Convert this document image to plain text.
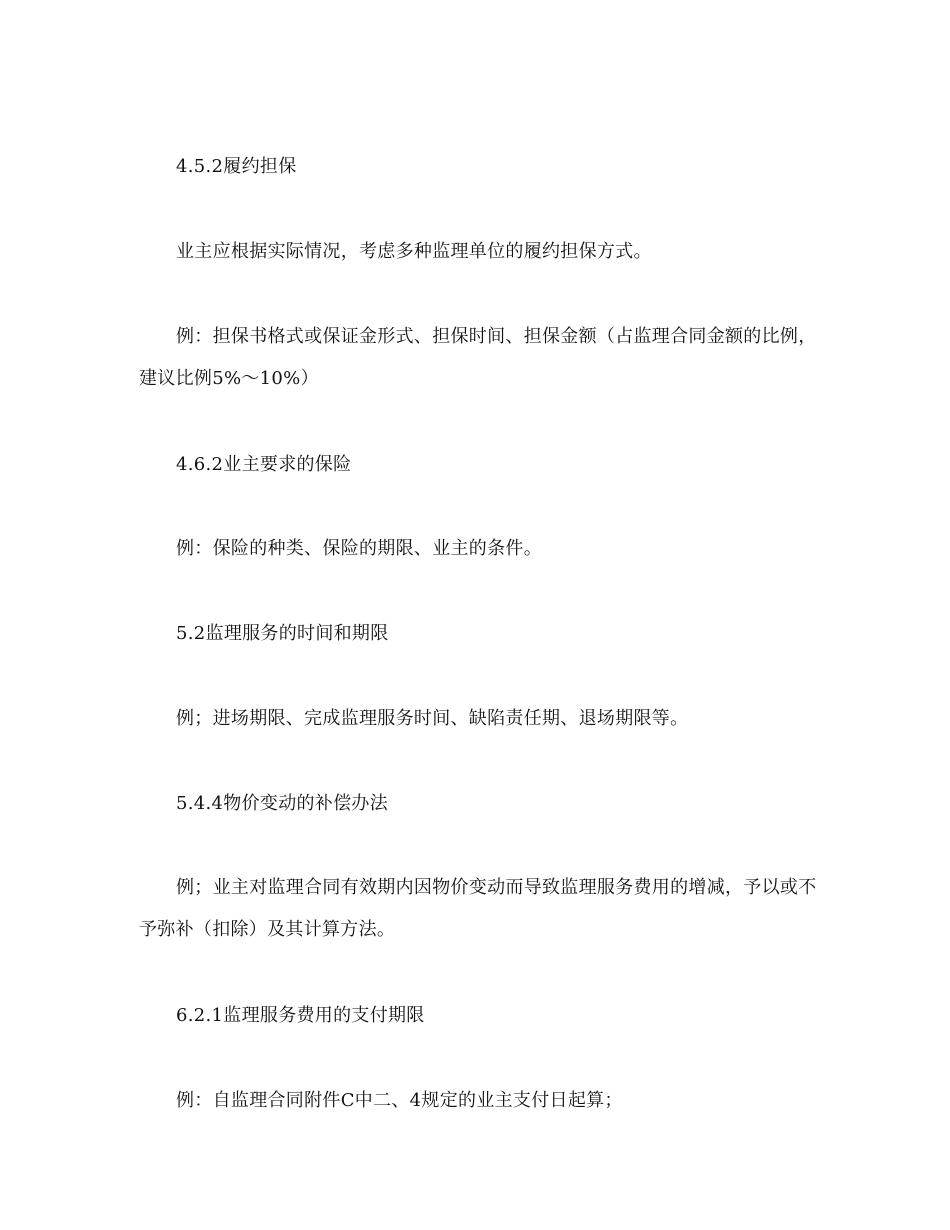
4.5.2履约担保

业主应根据实际情况，考虑多种监理单位的履约担保方式。

例：担保书格式或保证金形式、担保时间、担保金额（占监理合同金额的比例，建议比例5%～10%）

4.6.2业主要求的保险

例：保险的种类、保险的期限、业主的条件。

5.2监理服务的时间和期限

例；进场期限、完成监理服务时间、缺陷责任期、退场期限等。

5.4.4物价变动的补偿办法

例；业主对监理合同有效期内因物价变动而导致监理服务费用的增减，予以或不予弥补（扣除）及其计算方法。

6.2.1监理服务费用的支付期限

例：自监理合同附件C中二、4规定的业主支付日起算；
